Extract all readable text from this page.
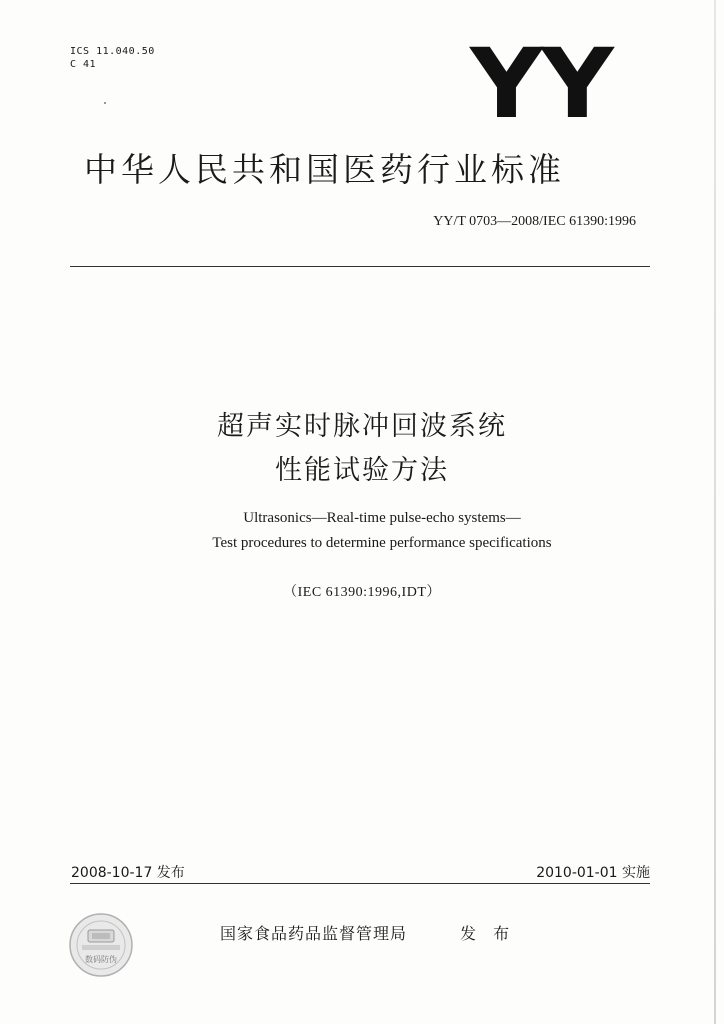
ICS 11.040.50
C 41	YY
中华人民共和国医药行业标准
YY/T 0703—2008/IEC 61390:1996
超声实时脉冲回波系统
性能试验方法
Ultrasonics—Real-time pulse-echo systems—
Test procedures to determine performance specifications
（IEC 61390:1996,IDT）
2008-10-17 发布	2010-01-01 实施
数码防伪
国家食品药品监督管理局	发 布
